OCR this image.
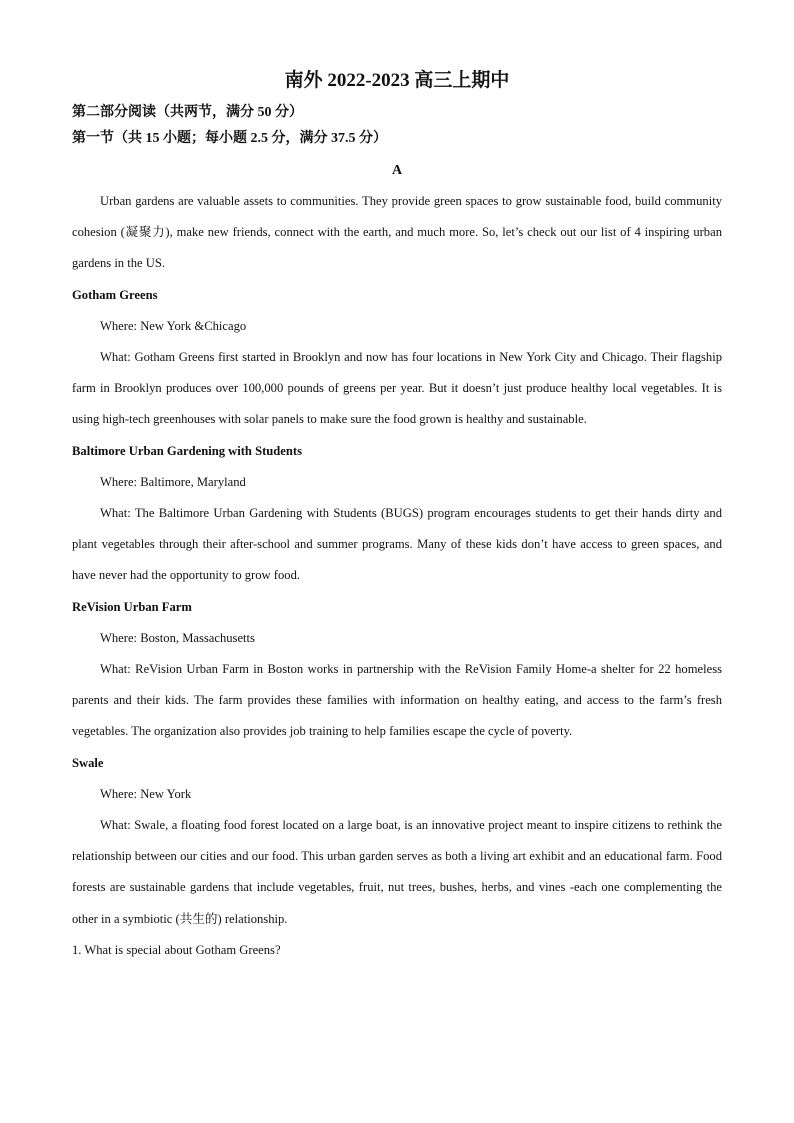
南外 2022-2023 高三上期中

第二部分阅读（共两节，满分 50 分）

第一节（共 15 小题；每小题 2.5 分，满分 37.5 分）

A

Urban gardens are valuable assets to communities. They provide green spaces to grow sustainable food, build community cohesion (凝聚力), make new friends, connect with the earth, and much more. So, let’s check out our list of 4 inspiring urban gardens in the US.

Gotham Greens

Where: New York &Chicago

What: Gotham Greens first started in Brooklyn and now has four locations in New York City and Chicago. Their flagship farm in Brooklyn produces over 100,000 pounds of greens per year. But it doesn’t just produce healthy local vegetables. It is using high-tech greenhouses with solar panels to make sure the food grown is healthy and sustainable.

Baltimore Urban Gardening with Students

Where: Baltimore, Maryland

What: The Baltimore Urban Gardening with Students (BUGS) program encourages students to get their hands dirty and plant vegetables through their after-school and summer programs. Many of these kids don’t have access to green spaces, and have never had the opportunity to grow food.

ReVision Urban Farm

Where: Boston, Massachusetts

What: ReVision Urban Farm in Boston works in partnership with the ReVision Family Home-a shelter for 22 homeless parents and their kids. The farm provides these families with information on healthy eating, and access to the farm’s fresh vegetables. The organization also provides job training to help families escape the cycle of poverty.

Swale

Where: New York

What: Swale, a floating food forest located on a large boat, is an innovative project meant to inspire citizens to rethink the relationship between our cities and our food. This urban garden serves as both a living art exhibit and an educational farm. Food forests are sustainable gardens that include vegetables, fruit, nut trees, bushes, herbs, and vines -each one complementing the other in a symbiotic (共生的) relationship.

1. What is special about Gotham Greens?
